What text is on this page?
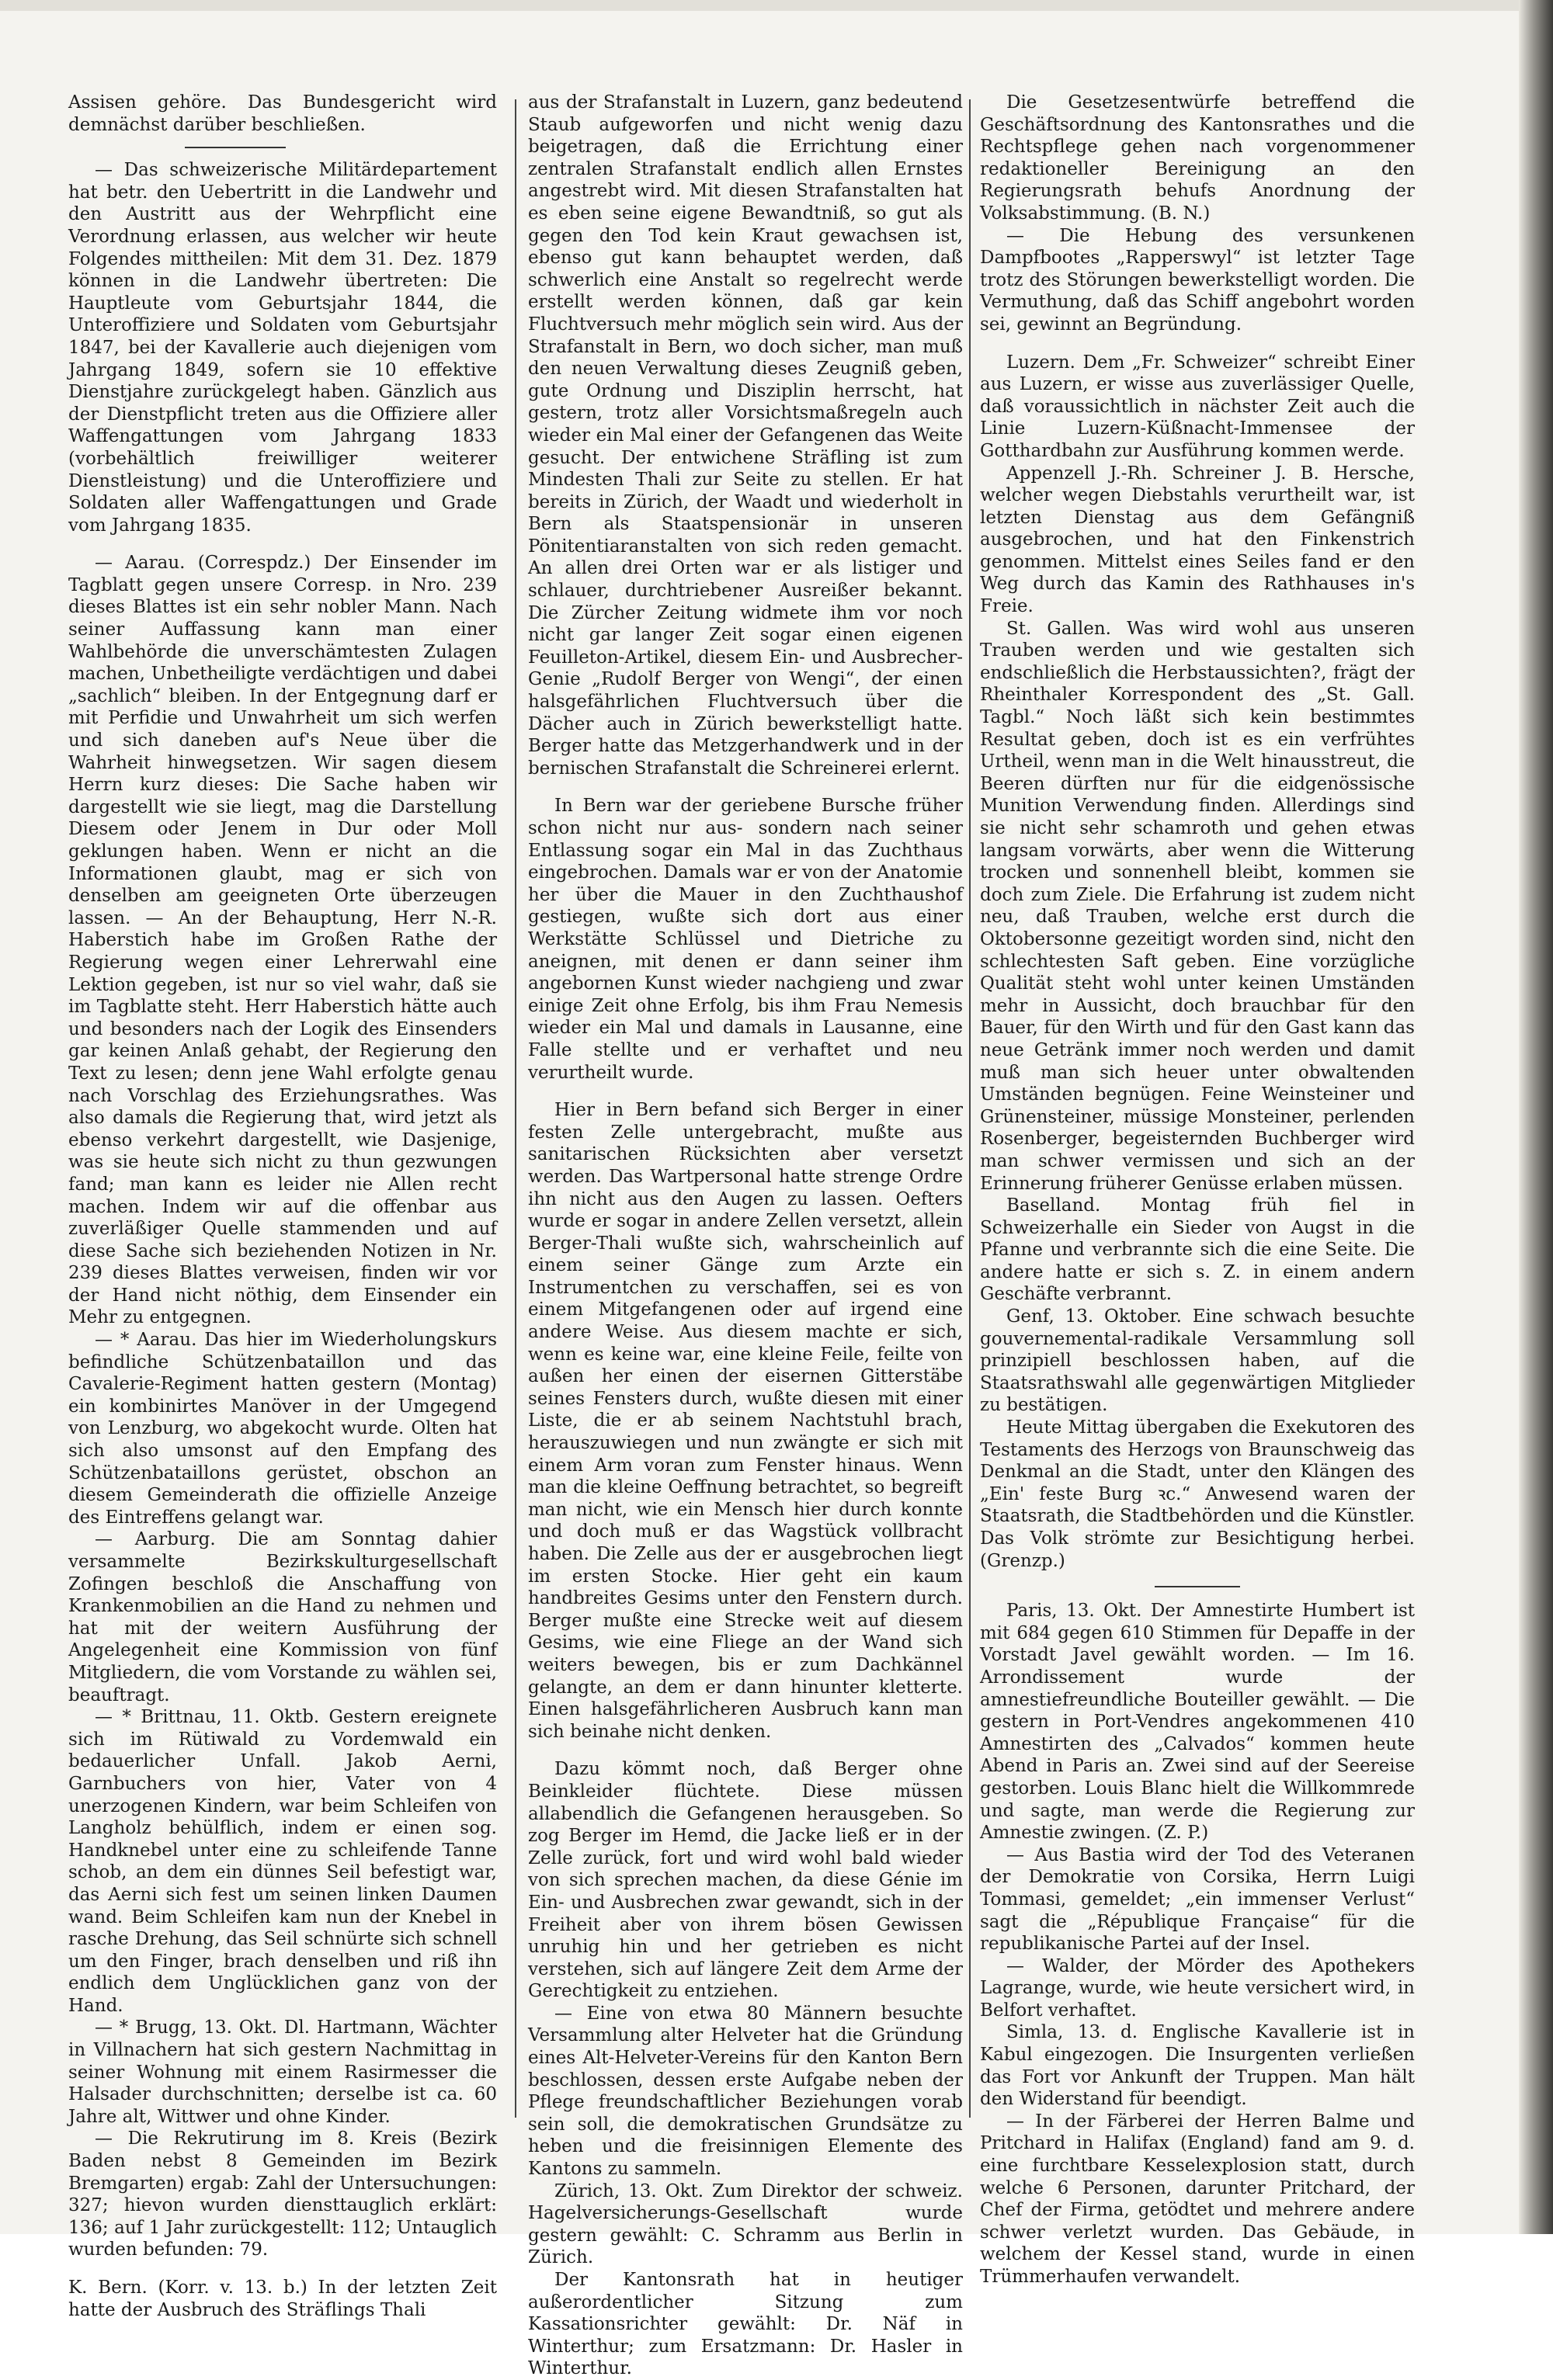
Assisen gehöre. Das Bundesgericht wird demnächst darüber beschließen.

— Das schweizerische Militärdepartement hat betr. den Uebertritt in die Landwehr und den Austritt aus der Wehrpflicht eine Verordnung erlassen, aus welcher wir heute Folgendes mittheilen: Mit dem 31. Dez. 1879 können in die Landwehr übertreten: Die Hauptleute vom Geburtsjahr 1844, die Unteroffiziere und Soldaten vom Geburtsjahr 1847, bei der Kavallerie auch diejenigen vom Jahrgang 1849, sofern sie 10 effektive Dienstjahre zurückgelegt haben. Gänzlich aus der Dienstpflicht treten aus die Offiziere aller Waffengattungen vom Jahrgang 1833 (vorbehältlich freiwilliger weiterer Dienstleistung) und die Unteroffiziere und Soldaten aller Waffengattungen und Grade vom Jahrgang 1835.

— Aarau. (Correspdz.) Der Einsender im Tagblatt gegen unsere Corresp. in Nro. 239 dieses Blattes ist ein sehr nobler Mann. Nach seiner Auffassung kann man einer Wahlbehörde die unverschämtesten Zulagen machen, Unbetheiligte verdächtigen und dabei „sachlich“ bleiben. In der Entgegnung darf er mit Perfidie und Unwahrheit um sich werfen und sich daneben auf's Neue über die Wahrheit hinwegsetzen. Wir sagen diesem Herrn kurz dieses: Die Sache haben wir dargestellt wie sie liegt, mag die Darstellung Diesem oder Jenem in Dur oder Moll geklungen haben. Wenn er nicht an die Informationen glaubt, mag er sich von denselben am geeigneten Orte überzeugen lassen. — An der Behauptung, Herr N.-R. Haberstich habe im Großen Rathe der Regierung wegen einer Lehrerwahl eine Lektion gegeben, ist nur so viel wahr, daß sie im Tagblatte steht. Herr Haberstich hätte auch und besonders nach der Logik des Einsenders gar keinen Anlaß gehabt, der Regierung den Text zu lesen; denn jene Wahl erfolgte genau nach Vorschlag des Erziehungsrathes. Was also damals die Regierung that, wird jetzt als ebenso verkehrt dargestellt, wie Dasjenige, was sie heute sich nicht zu thun gezwungen fand; man kann es leider nie Allen recht machen. Indem wir auf die offenbar aus zuverläßiger Quelle stammenden und auf diese Sache sich beziehenden Notizen in Nr. 239 dieses Blattes verweisen, finden wir vor der Hand nicht nöthig, dem Einsender ein Mehr zu entgegnen.

— * Aarau. Das hier im Wiederholungskurs befindliche Schützenbataillon und das Cavalerie-Regiment hatten gestern (Montag) ein kombinirtes Manöver in der Umgegend von Lenzburg, wo abgekocht wurde. Olten hat sich also umsonst auf den Empfang des Schützenbataillons gerüstet, obschon an diesem Gemeinderath die offizielle Anzeige des Eintreffens gelangt war.

— Aarburg. Die am Sonntag dahier versammelte Bezirkskulturgesellschaft Zofingen beschloß die Anschaffung von Krankenmobilien an die Hand zu nehmen und hat mit der weitern Ausführung der Angelegenheit eine Kommission von fünf Mitgliedern, die vom Vorstande zu wählen sei, beauftragt.

— * Brittnau, 11. Oktb. Gestern ereignete sich im Rütiwald zu Vordemwald ein bedauerlicher Unfall. Jakob Aerni, Garnbuchers von hier, Vater von 4 unerzogenen Kindern, war beim Schleifen von Langholz behülflich, indem er einen sog. Handknebel unter eine zu schleifende Tanne schob, an dem ein dünnes Seil befestigt war, das Aerni sich fest um seinen linken Daumen wand. Beim Schleifen kam nun der Knebel in rasche Drehung, das Seil schnürte sich schnell um den Finger, brach denselben und riß ihn endlich dem Unglücklichen ganz von der Hand.

— * Brugg, 13. Okt. Dl. Hartmann, Wächter in Villnachern hat sich gestern Nachmittag in seiner Wohnung mit einem Rasirmesser die Halsader durchschnitten; derselbe ist ca. 60 Jahre alt, Wittwer und ohne Kinder.

— Die Rekrutirung im 8. Kreis (Bezirk Baden nebst 8 Gemeinden im Bezirk Bremgarten) ergab: Zahl der Untersuchungen: 327; hievon wurden diensttauglich erklärt: 136; auf 1 Jahr zurückgestellt: 112; Untauglich wurden befunden: 79.

K. Bern. (Korr. v. 13. b.) In der letzten Zeit hatte der Ausbruch des Sträflings Thali

aus der Strafanstalt in Luzern, ganz bedeutend Staub aufgeworfen und nicht wenig dazu beigetragen, daß die Errichtung einer zentralen Strafanstalt endlich allen Ernstes angestrebt wird. Mit diesen Strafanstalten hat es eben seine eigene Bewandtniß, so gut als gegen den Tod kein Kraut gewachsen ist, ebenso gut kann behauptet werden, daß schwerlich eine Anstalt so regelrecht werde erstellt werden können, daß gar kein Fluchtversuch mehr möglich sein wird. Aus der Strafanstalt in Bern, wo doch sicher, man muß den neuen Verwaltung dieses Zeugniß geben, gute Ordnung und Disziplin herrscht, hat gestern, trotz aller Vorsichtsmaßregeln auch wieder ein Mal einer der Gefangenen das Weite gesucht. Der entwichene Sträfling ist zum Mindesten Thali zur Seite zu stellen. Er hat bereits in Zürich, der Waadt und wiederholt in Bern als Staatspensionär in unseren Pönitentiaranstalten von sich reden gemacht. An allen drei Orten war er als listiger und schlauer, durchtriebener Ausreißer bekannt. Die Zürcher Zeitung widmete ihm vor noch nicht gar langer Zeit sogar einen eigenen Feuilleton-Artikel, diesem Ein- und Ausbrecher-Genie „Rudolf Berger von Wengi“, der einen halsgefährlichen Fluchtversuch über die Dächer auch in Zürich bewerkstelligt hatte. Berger hatte das Metzgerhandwerk und in der bernischen Strafanstalt die Schreinerei erlernt.

In Bern war der geriebene Bursche früher schon nicht nur aus- sondern nach seiner Entlassung sogar ein Mal in das Zuchthaus eingebrochen. Damals war er von der Anatomie her über die Mauer in den Zuchthaushof gestiegen, wußte sich dort aus einer Werkstätte Schlüssel und Dietriche zu aneignen, mit denen er dann seiner ihm angebornen Kunst wieder nachgieng und zwar einige Zeit ohne Erfolg, bis ihm Frau Nemesis wieder ein Mal und damals in Lausanne, eine Falle stellte und er verhaftet und neu verurtheilt wurde.

Hier in Bern befand sich Berger in einer festen Zelle untergebracht, mußte aus sanitarischen Rücksichten aber versetzt werden. Das Wartpersonal hatte strenge Ordre ihn nicht aus den Augen zu lassen. Oefters wurde er sogar in andere Zellen versetzt, allein Berger-Thali wußte sich, wahrscheinlich auf einem seiner Gänge zum Arzte ein Instrumentchen zu verschaffen, sei es von einem Mitgefangenen oder auf irgend eine andere Weise. Aus diesem machte er sich, wenn es keine war, eine kleine Feile, feilte von außen her einen der eisernen Gitterstäbe seines Fensters durch, wußte diesen mit einer Liste, die er ab seinem Nachtstuhl brach, herauszuwiegen und nun zwängte er sich mit einem Arm voran zum Fenster hinaus. Wenn man die kleine Oeffnung betrachtet, so begreift man nicht, wie ein Mensch hier durch konnte und doch muß er das Wagstück vollbracht haben. Die Zelle aus der er ausgebrochen liegt im ersten Stocke. Hier geht ein kaum handbreites Gesims unter den Fenstern durch. Berger mußte eine Strecke weit auf diesem Gesims, wie eine Fliege an der Wand sich weiters bewegen, bis er zum Dachkännel gelangte, an dem er dann hinunter kletterte. Einen halsgefährlicheren Ausbruch kann man sich beinahe nicht denken.

Dazu kömmt noch, daß Berger ohne Beinkleider flüchtete. Diese müssen allabendlich die Gefangenen herausgeben. So zog Berger im Hemd, die Jacke ließ er in der Zelle zurück, fort und wird wohl bald wieder von sich sprechen machen, da diese Génie im Ein- und Ausbrechen zwar gewandt, sich in der Freiheit aber von ihrem bösen Gewissen unruhig hin und her getrieben es nicht verstehen, sich auf längere Zeit dem Arme der Gerechtigkeit zu entziehen.

— Eine von etwa 80 Männern besuchte Versammlung alter Helveter hat die Gründung eines Alt-Helveter-Vereins für den Kanton Bern beschlossen, dessen erste Aufgabe neben der Pflege freundschaftlicher Beziehungen vorab sein soll, die demokratischen Grundsätze zu heben und die freisinnigen Elemente des Kantons zu sammeln.

Zürich, 13. Okt. Zum Direktor der schweiz. Hagelversicherungs-Gesellschaft wurde gestern gewählt: C. Schramm aus Berlin in Zürich.

Der Kantonsrath hat in heutiger außerordentlicher Sitzung zum Kassationsrichter gewählt: Dr. Näf in Winterthur; zum Ersatzmann: Dr. Hasler in Winterthur.

Die Gesetzesentwürfe betreffend die Geschäftsordnung des Kantonsrathes und die Rechtspflege gehen nach vorgenommener redaktioneller Bereinigung an den Regierungsrath behufs Anordnung der Volksabstimmung. (B. N.)

— Die Hebung des versunkenen Dampfbootes „Rapperswyl“ ist letzter Tage trotz des Störungen bewerkstelligt worden. Die Vermuthung, daß das Schiff angebohrt worden sei, gewinnt an Begründung.

Luzern. Dem „Fr. Schweizer“ schreibt Einer aus Luzern, er wisse aus zuverlässiger Quelle, daß voraussichtlich in nächster Zeit auch die Linie Luzern-Küßnacht-Immensee der Gotthardbahn zur Ausführung kommen werde.

Appenzell J.-Rh. Schreiner J. B. Hersche, welcher wegen Diebstahls verurtheilt war, ist letzten Dienstag aus dem Gefängniß ausgebrochen, und hat den Finkenstrich genommen. Mittelst eines Seiles fand er den Weg durch das Kamin des Rathhauses in's Freie.

St. Gallen. Was wird wohl aus unseren Trauben werden und wie gestalten sich endschließlich die Herbstaussichten?, frägt der Rheinthaler Korrespondent des „St. Gall. Tagbl.“ Noch läßt sich kein bestimmtes Resultat geben, doch ist es ein verfrühtes Urtheil, wenn man in die Welt hinausstreut, die Beeren dürften nur für die eidgenössische Munition Verwendung finden. Allerdings sind sie nicht sehr schamroth und gehen etwas langsam vorwärts, aber wenn die Witterung trocken und sonnenhell bleibt, kommen sie doch zum Ziele. Die Erfahrung ist zudem nicht neu, daß Trauben, welche erst durch die Oktobersonne gezeitigt worden sind, nicht den schlechtesten Saft geben. Eine vorzügliche Qualität steht wohl unter keinen Umständen mehr in Aussicht, doch brauchbar für den Bauer, für den Wirth und für den Gast kann das neue Getränk immer noch werden und damit muß man sich heuer unter obwaltenden Umständen begnügen. Feine Weinsteiner und Grünensteiner, müssige Monsteiner, perlenden Rosenberger, begeisternden Buchberger wird man schwer vermissen und sich an der Erinnerung früherer Genüsse erlaben müssen.

Baselland. Montag früh fiel in Schweizerhalle ein Sieder von Augst in die Pfanne und verbrannte sich die eine Seite. Die andere hatte er sich s. Z. in einem andern Geschäfte verbrannt.

Genf, 13. Oktober. Eine schwach besuchte gouvernemental-radikale Versammlung soll prinzipiell beschlossen haben, auf die Staatsrathswahl alle gegenwärtigen Mitglieder zu bestätigen.

Heute Mittag übergaben die Exekutoren des Testaments des Herzogs von Braunschweig das Denkmal an die Stadt, unter den Klängen des „Ein' feste Burg ꝛc.“ Anwesend waren der Staatsrath, die Stadtbehörden und die Künstler. Das Volk strömte zur Besichtigung herbei. (Grenzp.)

Paris, 13. Okt. Der Amnestirte Humbert ist mit 684 gegen 610 Stimmen für Depaffe in der Vorstadt Javel gewählt worden. — Im 16. Arrondissement wurde der amnestiefreundliche Bouteiller gewählt. — Die gestern in Port-Vendres angekommenen 410 Amnestirten des „Calvados“ kommen heute Abend in Paris an. Zwei sind auf der Seereise gestorben. Louis Blanc hielt die Willkommrede und sagte, man werde die Regierung zur Amnestie zwingen. (Z. P.)

— Aus Bastia wird der Tod des Veteranen der Demokratie von Corsika, Herrn Luigi Tommasi, gemeldet; „ein immenser Verlust“ sagt die „République Française“ für die republikanische Partei auf der Insel.

— Walder, der Mörder des Apothekers Lagrange, wurde, wie heute versichert wird, in Belfort verhaftet.

Simla, 13. d. Englische Kavallerie ist in Kabul eingezogen. Die Insurgenten verließen das Fort vor Ankunft der Truppen. Man hält den Widerstand für beendigt.

— In der Färberei der Herren Balme und Pritchard in Halifax (England) fand am 9. d. eine furchtbare Kesselexplosion statt, durch welche 6 Personen, darunter Pritchard, der Chef der Firma, getödtet und mehrere andere schwer verletzt wurden. Das Gebäude, in welchem der Kessel stand, wurde in einen Trümmerhaufen verwandelt.
